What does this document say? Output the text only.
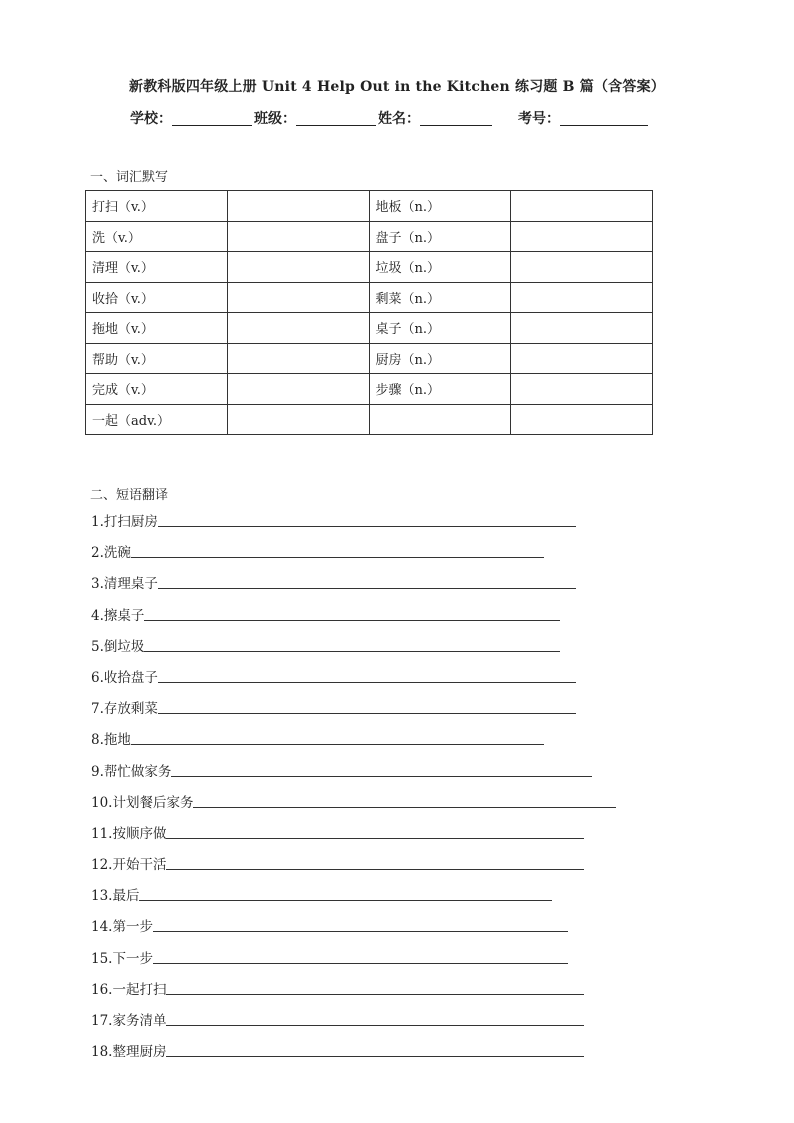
新教科版四年级上册 Unit 4 Help Out in the Kitchen 练习题 B 篇（含答案）
学校：	班级：	姓名：	考号：
一、词汇默写
打扫（v.）		地板（n.）	
洗（v.）		盘子（n.）	
清理（v.）		垃圾（n.）	
收拾（v.）		剩菜（n.）	
拖地（v.）		桌子（n.）	
帮助（v.）		厨房（n.）	
完成（v.）		步骤（n.）	
一起（adv.）			
二、短语翻译
1.打扫厨房
2.洗碗
3.清理桌子
4.擦桌子
5.倒垃圾
6.收拾盘子
7.存放剩菜
8.拖地
9.帮忙做家务
10.计划餐后家务
11.按顺序做
12.开始干活
13.最后
14.第一步
15.下一步
16.一起打扫
17.家务清单
18.整理厨房
